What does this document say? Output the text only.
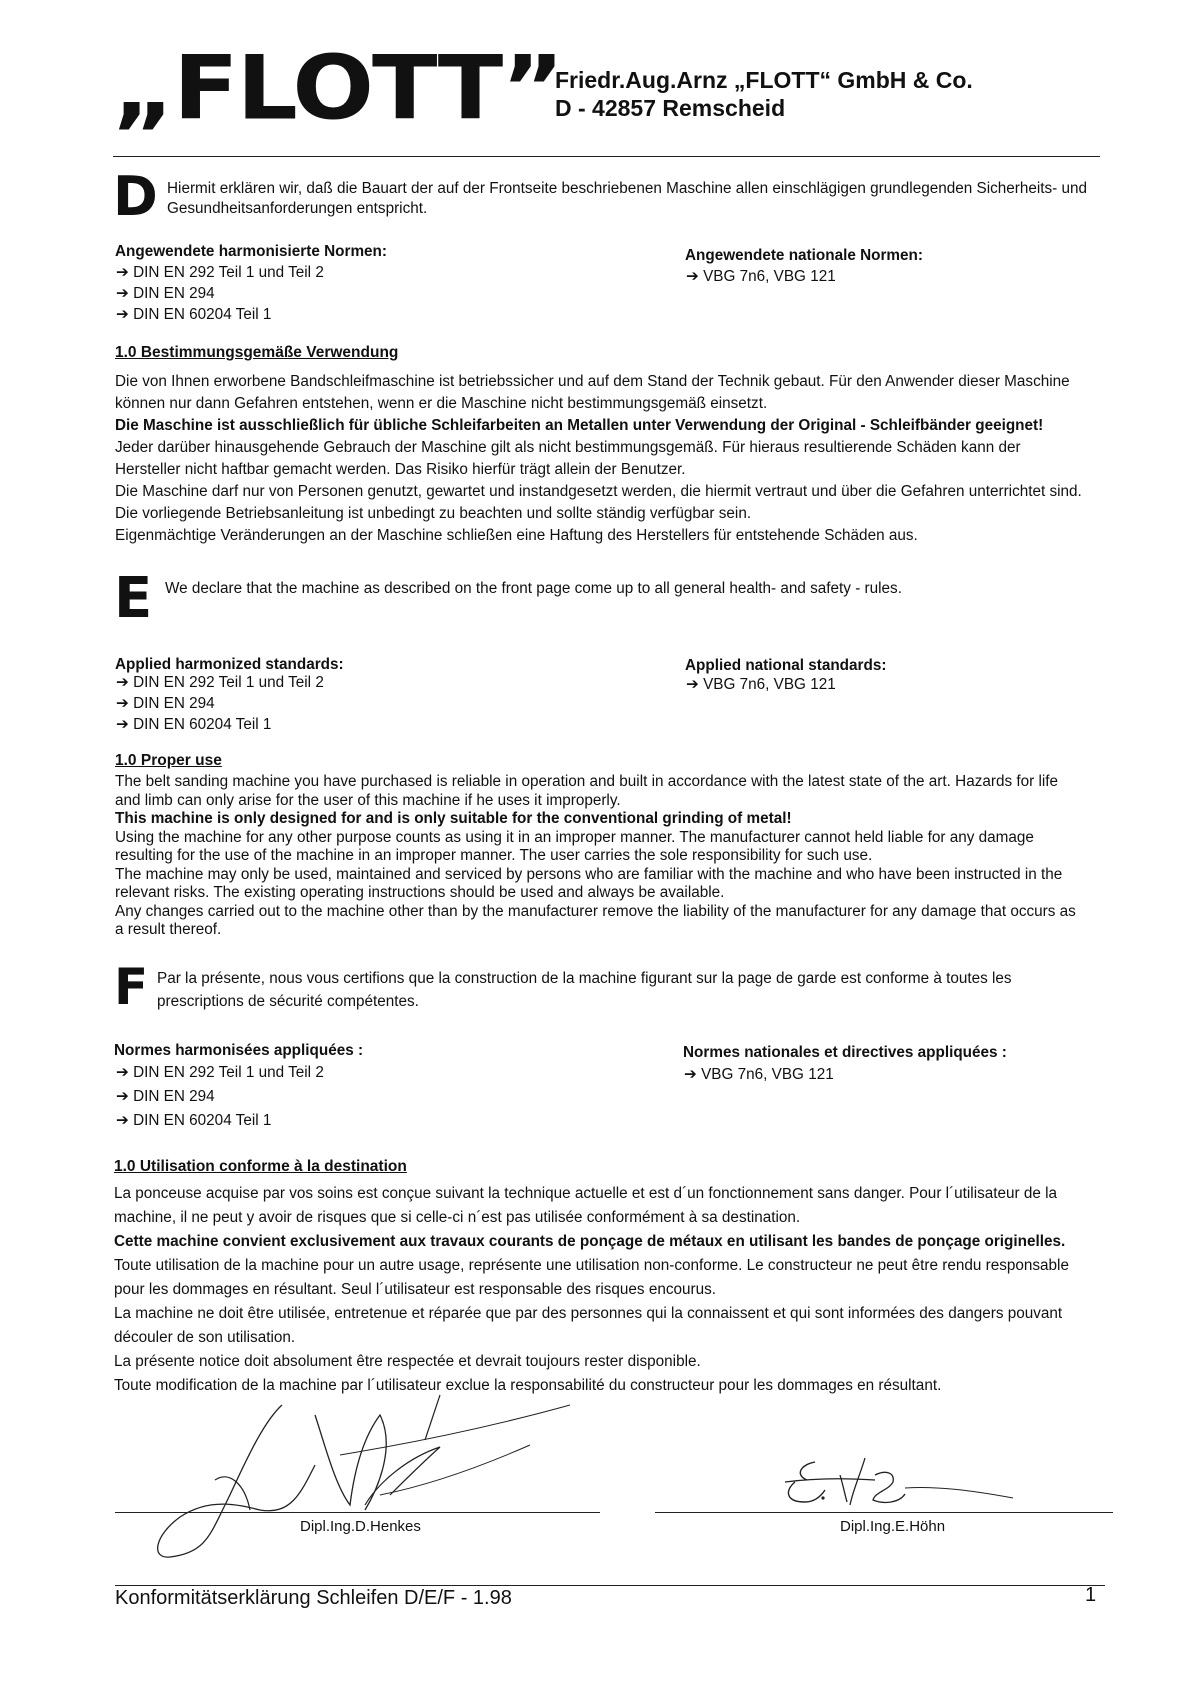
„FLOTT”
Friedr.Aug.Arnz „FLOTT“ GmbH & Co.
D - 42857 Remscheid
D Hiermit erklären wir, daß die Bauart der auf der Frontseite beschriebenen Maschine allen einschlägigen grundlegenden Sicherheits- und
Gesundheitsanforderungen entspricht.
Angewendete harmonisierte Normen:
➔ DIN EN 292 Teil 1 und Teil 2
➔ DIN EN 294
➔ DIN EN 60204 Teil 1
Angewendete nationale Normen:
➔ VBG 7n6, VBG 121
1.0 Bestimmungsgemäße Verwendung
Die von Ihnen erworbene Bandschleifmaschine ist betriebssicher und auf dem Stand der Technik gebaut. Für den Anwender dieser Maschine
können nur dann Gefahren entstehen, wenn er die Maschine nicht bestimmungsgemäß einsetzt.
Die Maschine ist ausschließlich für übliche Schleifarbeiten an Metallen unter Verwendung der Original - Schleifbänder geeignet!
Jeder darüber hinausgehende Gebrauch der Maschine gilt als nicht bestimmungsgemäß. Für hieraus resultierende Schäden kann der
Hersteller nicht haftbar gemacht werden. Das Risiko hierfür trägt allein der Benutzer.
Die Maschine darf nur von Personen genutzt, gewartet und instandgesetzt werden, die hiermit vertraut und über die Gefahren unterrichtet sind.
Die vorliegende Betriebsanleitung ist unbedingt zu beachten und sollte ständig verfügbar sein.
Eigenmächtige Veränderungen an der Maschine schließen eine Haftung des Herstellers für entstehende Schäden aus.
E We declare that the machine as described on the front page come up to all general health- and safety - rules.
Applied harmonized standards:
➔ DIN EN 292 Teil 1 und Teil 2
➔ DIN EN 294
➔ DIN EN 60204 Teil 1
Applied national standards:
➔ VBG 7n6, VBG 121
1.0 Proper use
The belt sanding machine you have purchased is reliable in operation and built in accordance with the latest state of the art. Hazards for life
and limb can only arise for the user of this machine if he uses it improperly.
This machine is only designed for and is only suitable for the conventional grinding of metal!
Using the machine for any other purpose counts as using it in an improper manner. The manufacturer cannot held liable for any damage
resulting for the use of the machine in an improper manner. The user carries the sole responsibility for such use.
The machine may only be used, maintained and serviced by persons who are familiar with the machine and who have been instructed in the
relevant risks. The existing operating instructions should be used and always be available.
Any changes carried out to the machine other than by the manufacturer remove the liability of the manufacturer for any damage that occurs as
a result thereof.
F Par la présente, nous vous certifions que la construction de la machine figurant sur la page de garde est conforme à toutes les
prescriptions de sécurité compétentes.
Normes harmonisées appliquées :
➔ DIN EN 292 Teil 1 und Teil 2
➔ DIN EN 294
➔ DIN EN 60204 Teil 1
Normes nationales et directives appliquées :
➔ VBG 7n6, VBG 121
1.0 Utilisation conforme à la destination
La ponceuse acquise par vos soins est conçue suivant la technique actuelle et est d´un fonctionnement sans danger. Pour l´utilisateur de la
machine, il ne peut y avoir de risques que si celle-ci n´est pas utilisée conformément à sa destination.
Cette machine convient exclusivement aux travaux courants de ponçage de métaux en utilisant les bandes de ponçage originelles.
Toute utilisation de la machine pour un autre usage, représente une utilisation non-conforme. Le constructeur ne peut être rendu responsable
pour les dommages en résultant. Seul l´utilisateur est responsable des risques encourus.
La machine ne doit être utilisée, entretenue et réparée que par des personnes qui la connaissent et qui sont informées des dangers pouvant
découler de son utilisation.
La présente notice doit absolument être respectée et devrait toujours rester disponible.
Toute modification de la machine par l´utilisateur exclue la responsabilité du constructeur pour les dommages en résultant.
Dipl.Ing.D.Henkes	Dipl.Ing.E.Höhn
Konformitätserklärung Schleifen D/E/F - 1.98	1
